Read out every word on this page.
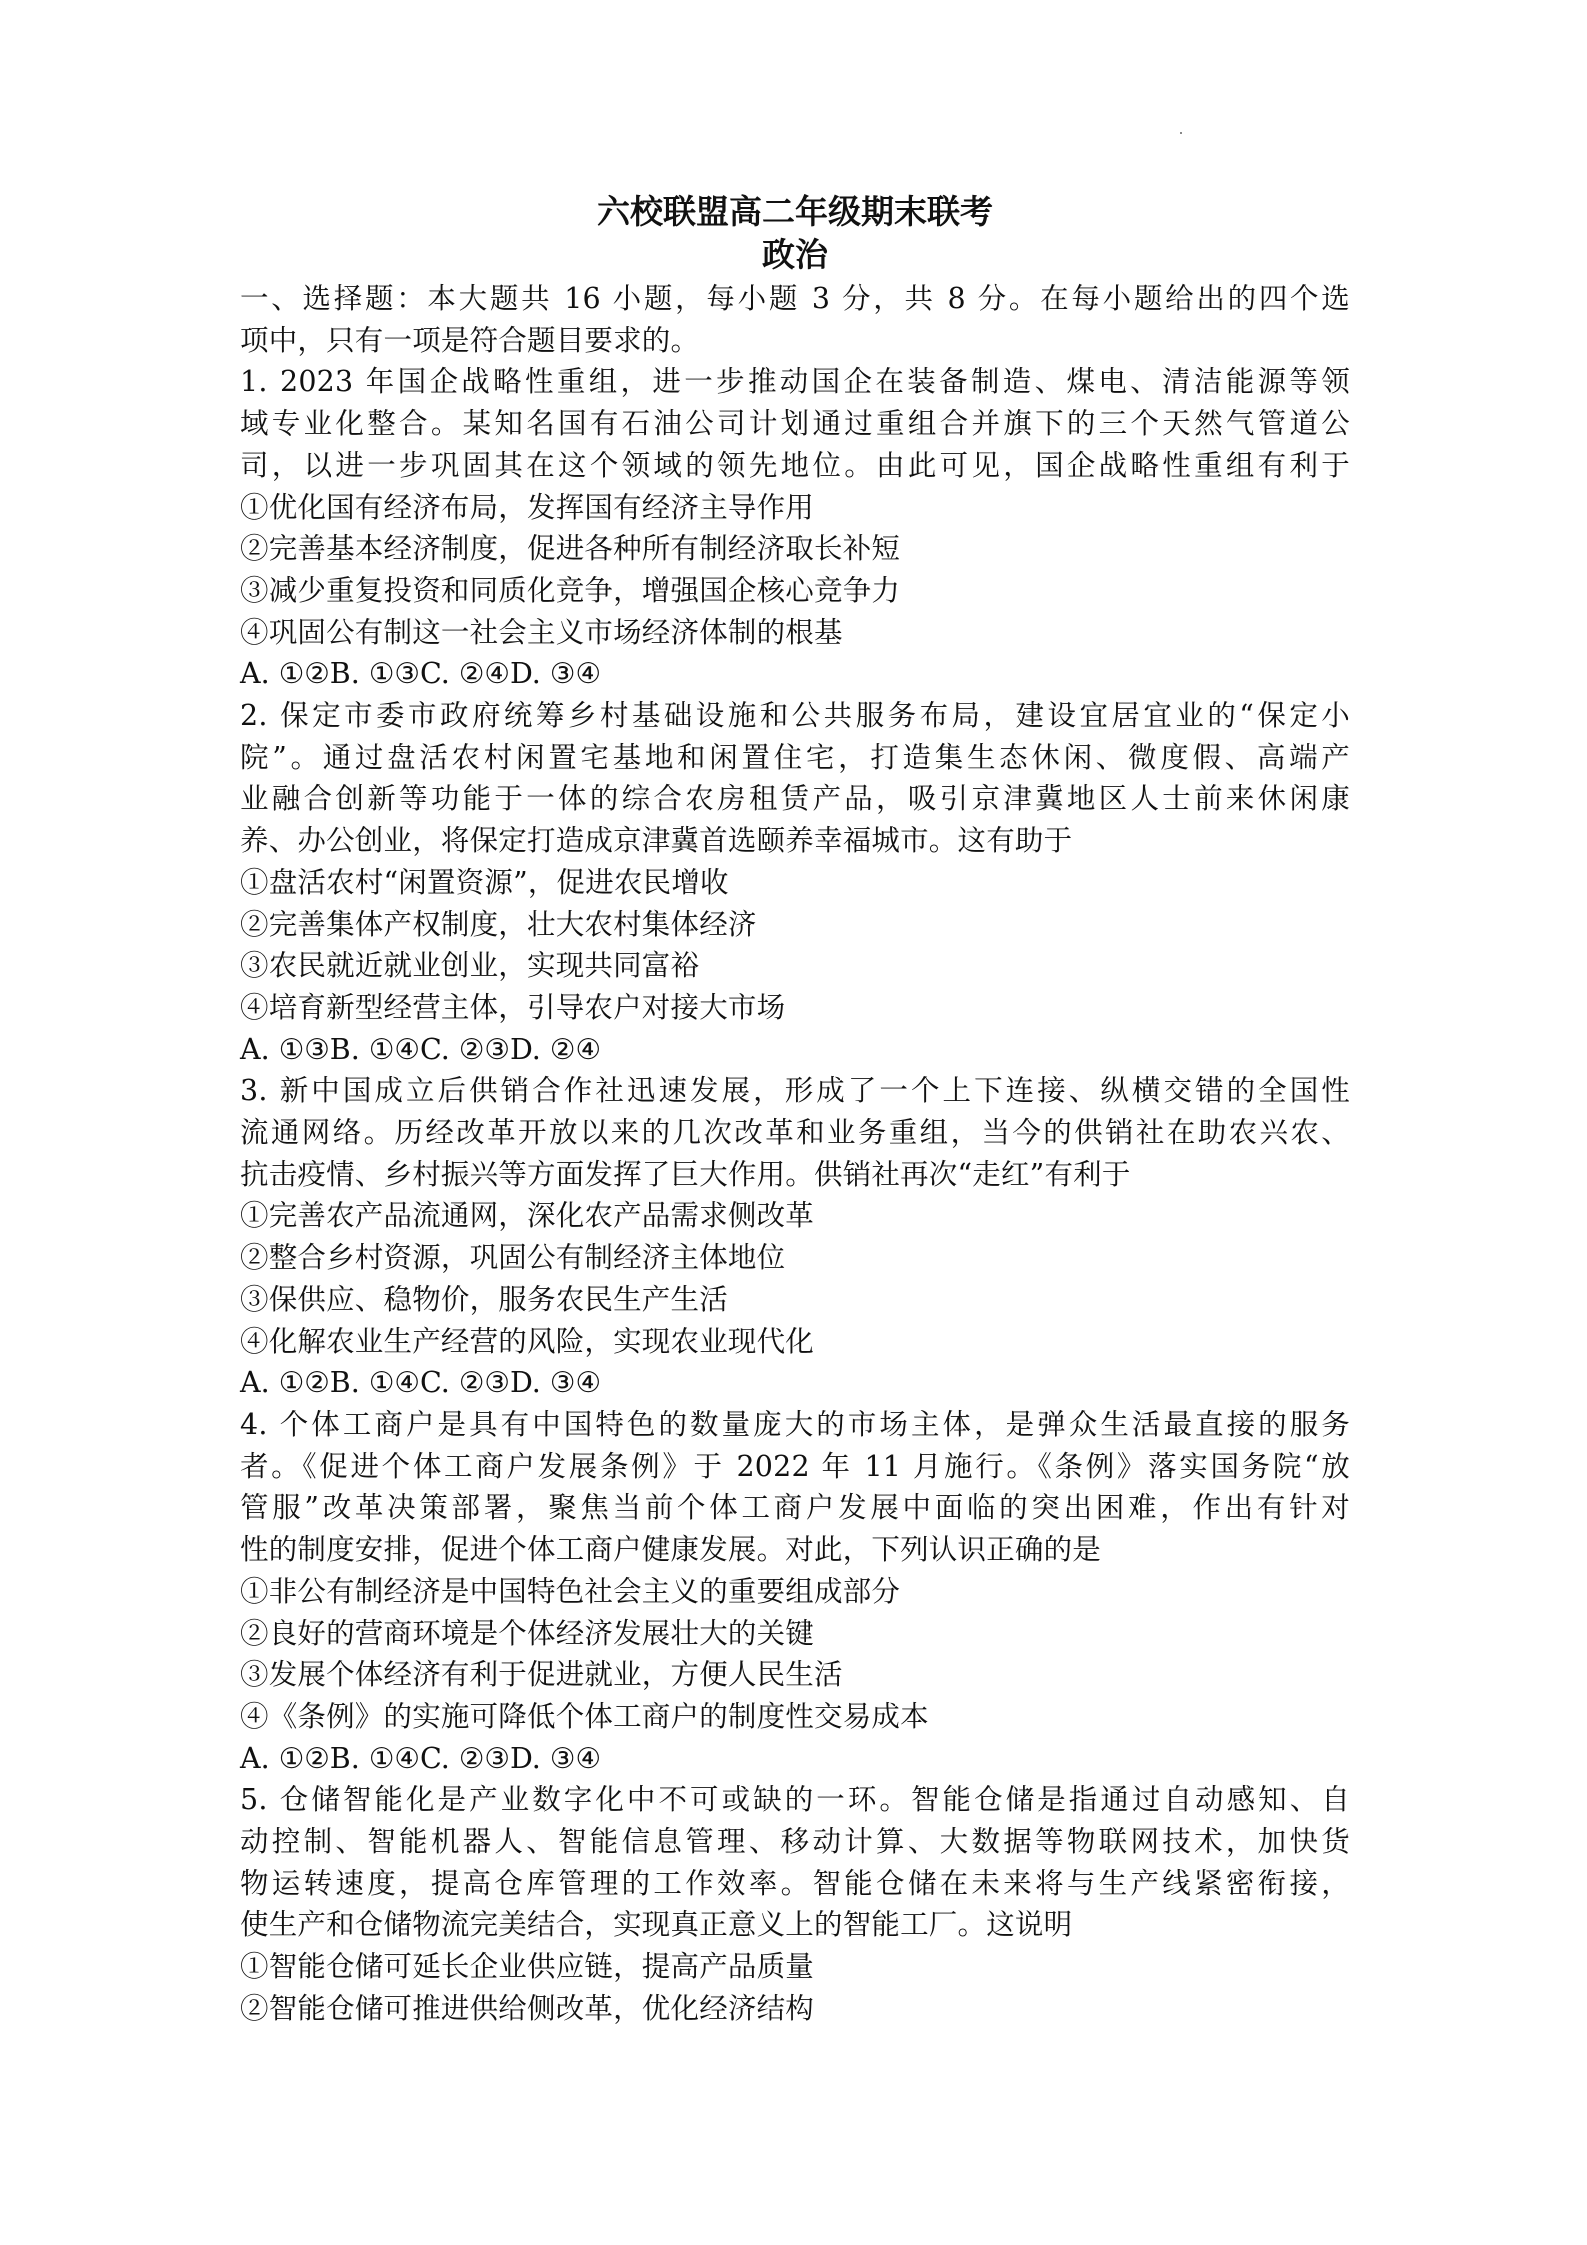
六校联盟高二年级期末联考
政治
一、选择题：本大题共 16 小题，每小题 3 分，共 8 分。在每小题给出的四个选
项中，只有一项是符合题目要求的。
1. 2023 年国企战略性重组，进一步推动国企在装备制造、煤电、清洁能源等领
域专业化整合。某知名国有石油公司计划通过重组合并旗下的三个天然气管道公
司，以进一步巩固其在这个领域的领先地位。由此可见，国企战略性重组有利于
①优化国有经济布局，发挥国有经济主导作用
②完善基本经济制度，促进各种所有制经济取长补短
③减少重复投资和同质化竞争，增强国企核心竞争力
④巩固公有制这一社会主义市场经济体制的根基
A. ①②B. ①③C. ②④D. ③④
2. 保定市委市政府统筹乡村基础设施和公共服务布局，建设宜居宜业的“保定小
院”。通过盘活农村闲置宅基地和闲置住宅，打造集生态休闲、微度假、高端产
业融合创新等功能于一体的综合农房租赁产品，吸引京津冀地区人士前来休闲康
养、办公创业，将保定打造成京津冀首选颐养幸福城市。这有助于
①盘活农村“闲置资源”，促进农民增收
②完善集体产权制度，壮大农村集体经济
③农民就近就业创业，实现共同富裕
④培育新型经营主体，引导农户对接大市场
A. ①③B. ①④C. ②③D. ②④
3. 新中国成立后供销合作社迅速发展，形成了一个上下连接、纵横交错的全国性
流通网络。历经改革开放以来的几次改革和业务重组，当今的供销社在助农兴农、
抗击疫情、乡村振兴等方面发挥了巨大作用。供销社再次“走红”有利于
①完善农产品流通网，深化农产品需求侧改革
②整合乡村资源，巩固公有制经济主体地位
③保供应、稳物价，服务农民生产生活
④化解农业生产经营的风险，实现农业现代化
A. ①②B. ①④C. ②③D. ③④
4. 个体工商户是具有中国特色的数量庞大的市场主体，是弹众生活最直接的服务
者。《促进个体工商户发展条例》于 2022 年 11 月施行。《条例》落实国务院“放
管服”改革决策部署，聚焦当前个体工商户发展中面临的突出困难，作出有针对
性的制度安排，促进个体工商户健康发展。对此，下列认识正确的是
①非公有制经济是中国特色社会主义的重要组成部分
②良好的营商环境是个体经济发展壮大的关键
③发展个体经济有利于促进就业，方便人民生活
④《条例》的实施可降低个体工商户的制度性交易成本
A. ①②B. ①④C. ②③D. ③④
5. 仓储智能化是产业数字化中不可或缺的一环。智能仓储是指通过自动感知、自
动控制、智能机器人、智能信息管理、移动计算、大数据等物联网技术，加快货
物运转速度，提高仓库管理的工作效率。智能仓储在未来将与生产线紧密衔接，
使生产和仓储物流完美结合，实现真正意义上的智能工厂。这说明
①智能仓储可延长企业供应链，提高产品质量
②智能仓储可推进供给侧改革，优化经济结构
